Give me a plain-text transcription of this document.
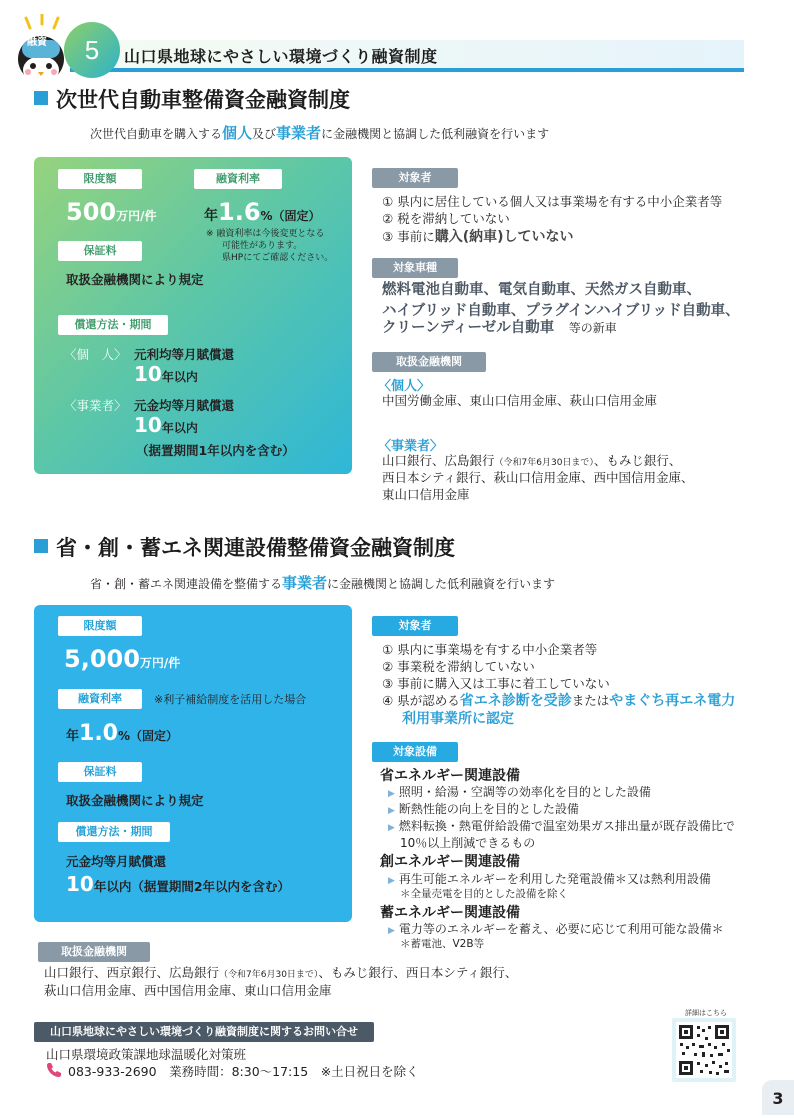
融資	5	山口県地球にやさしい環境づくり融資制度
次世代自動車整備資金融資制度
次世代自動車を購入する個人及び事業者に金融機関と協調した低利融資を行います
限度額	融資利率
500万円/件	年1.6%（固定）
※ 融資利率は今後変更となる
可能性があります。
県HPにてご確認ください。
保証料
取扱金融機関により規定
償還方法・期間
〈個　人〉 元利均等月賦償還
10年以内
〈事業者〉 元金均等月賦償還
10年以内
（据置期間1年以内を含む）
対象者
① 県内に居住している個人又は事業場を有する中小企業者等
② 税を滞納していない
③ 事前に購入(納車)していない
対象車種
燃料電池自動車、電気自動車、天然ガス自動車、
ハイブリッド自動車、プラグインハイブリッド自動車、
クリーンディーゼル自動車　 等の新車
取扱金融機関
〈個人〉
中国労働金庫、東山口信用金庫、萩山口信用金庫
〈事業者〉
山口銀行、広島銀行（令和7年6月30日まで）、もみじ銀行、
西日本シティ銀行、萩山口信用金庫、西中国信用金庫、
東山口信用金庫
省・創・蓄エネ関連設備整備資金融資制度
省・創・蓄エネ関連設備を整備する事業者に金融機関と協調した低利融資を行います
限度額
5,000万円/件
融資利率	※利子補給制度を活用した場合
年1.0%（固定）
保証料
取扱金融機関により規定
償還方法・期間
元金均等月賦償還
10年以内（据置期間2年以内を含む）
対象者
① 県内に事業場を有する中小企業者等
② 事業税を滞納していない
③ 事前に購入又は工事に着工していない
④ 県が認める省エネ診断を受診またはやまぐち再エネ電力
利用事業所に認定
対象設備
省エネルギー関連設備
▶ 照明・給湯・空調等の効率化を目的とした設備
▶ 断熱性能の向上を目的とした設備
▶ 燃料転換・熱電併給設備で温室効果ガス排出量が既存設備比で
10％以上削減できるもの
創エネルギー関連設備
▶ 再生可能エネルギーを利用した発電設備＊又は熱利用設備
＊全量売電を目的とした設備を除く
蓄エネルギー関連設備
▶ 電力等のエネルギーを蓄え、必要に応じて利用可能な設備＊
＊蓄電池、V2B等
取扱金融機関
山口銀行、西京銀行、広島銀行（令和7年6月30日まで）、もみじ銀行、西日本シティ銀行、
萩山口信用金庫、西中国信用金庫、東山口信用金庫
山口県地球にやさしい環境づくり融資制度に関するお問い合せ
山口県環境政策課地球温暖化対策班
083-933-2690　 業務時間：8:30～17:15　 ※土日祝日を除く
詳細はこちら
3
